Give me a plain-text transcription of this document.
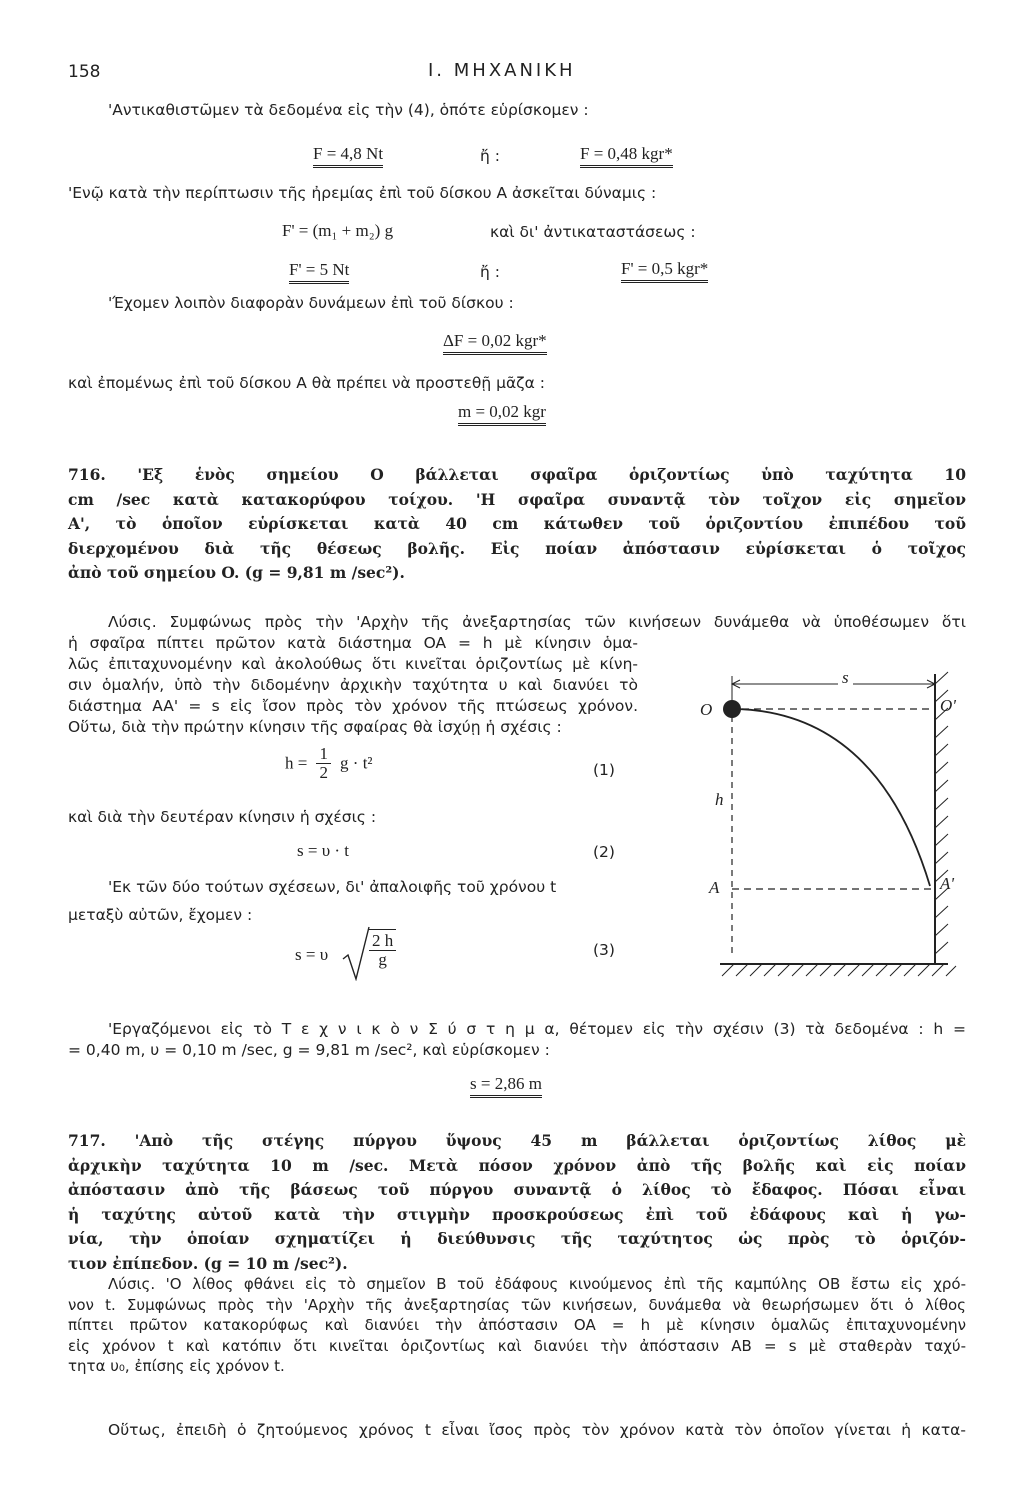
158	Ι. ΜΗΧΑΝΙΚΗ
'Αντικαθιστῶμεν τὰ δεδομένα εἰς τὴν (4), ὁπότε εὑρίσκομεν :
F = 4,8 Nt	ἤ :	F = 0,48 kgr*
'Ενῷ κατὰ τὴν περίπτωσιν τῆς ἠρεμίας ἐπὶ τοῦ δίσκου Α ἀσκεῖται δύναμις :
F' = (m₁ + m₂) g	καὶ δι' ἀντικαταστάσεως :
F' = 5 Nt	ἤ :	F' = 0,5 kgr*
'Έχομεν λοιπὸν διαφορὰν δυνάμεων ἐπὶ τοῦ δίσκου :
ΔF = 0,02 kgr*
καὶ ἐπομένως ἐπὶ τοῦ δίσκου Α θὰ πρέπει νὰ προστεθῇ μᾶζα :
m = 0,02 kgr
716. 'Εξ ἑνὸς σημείου O βάλλεται σφαῖρα ὁριζοντίως ὑπὸ ταχύτητα 10
cm /sec κατὰ κατακορύφου τοίχου. 'Η σφαῖρα συναντᾷ τὸν τοῖχον εἰς σημεῖον
A', τὸ ὁποῖον εὑρίσκεται κατὰ 40 cm κάτωθεν τοῦ ὁριζοντίου ἐπιπέδου τοῦ
διερχομένου διὰ τῆς θέσεως βολῆς. Εἰς ποίαν ἀπόστασιν εὑρίσκεται ὁ τοῖχος
ἀπὸ τοῦ σημείου O. (g = 9,81 m /sec²).
Λύσις. Συμφώνως πρὸς τὴν 'Αρχὴν τῆς ἀνεξαρτησίας τῶν κινήσεων δυνάμεθα νὰ ὑποθέσωμεν ὅτι
ἡ σφαῖρα πίπτει πρῶτον κατὰ διάστημα OA = h μὲ κίνησιν ὁμα-
λῶς ἐπιταχυνομένην καὶ ἀκολούθως ὅτι κινεῖται ὁριζοντίως μὲ κίνη-
σιν ὁμαλήν, ὑπὸ τὴν διδομένην ἀρχικὴν ταχύτητα υ καὶ διανύει τὸ
διάστημα AA' = s εἰς ἴσον πρὸς τὸν χρόνον τῆς πτώσεως χρόνον.
Οὕτω, διὰ τὴν πρώτην κίνησιν τῆς σφαίρας θὰ ἰσχύῃ ἡ σχέσις :
$h = \frac{1}{2}$ g · t²	(1)
καὶ διὰ τὴν δευτέραν κίνησιν ἡ σχέσις :
s = υ · t	(2)
'Εκ τῶν δύο τούτων σχέσεων, δι' ἀπαλοιφῆς τοῦ χρόνου t
μεταξὺ αὐτῶν, ἔχομεν :
s = υ $\frac{2 h}{g}$	(3)
O	O'
s
h
A	A'
'Εργαζόμενοι εἰς τὸ Τ ε χ ν ι κ ὸ ν Σ ύ σ τ η μ α, θέτομεν εἰς τὴν σχέσιν (3) τὰ δεδομένα : h =
= 0,40 m, υ = 0,10 m /sec, g = 9,81 m /sec², καὶ εὑρίσκομεν :
s = 2,86 m
717. 'Απὸ τῆς στέγης πύργου ὕψους 45 m βάλλεται ὁριζοντίως λίθος μὲ
ἀρχικὴν ταχύτητα 10 m /sec. Μετὰ πόσον χρόνον ἀπὸ τῆς βολῆς καὶ εἰς ποίαν
ἀπόστασιν ἀπὸ τῆς βάσεως τοῦ πύργου συναντᾷ ὁ λίθος τὸ ἔδαφος. Πόσαι εἶναι
ἡ ταχύτης αὐτοῦ κατὰ τὴν στιγμὴν προσκρούσεως ἐπὶ τοῦ ἐδάφους καὶ ἡ γω-
νία, τὴν ὁποίαν σχηματίζει ἡ διεύθυνσις τῆς ταχύτητος ὡς πρὸς τὸ ὁριζόν-
τιον ἐπίπεδον. (g = 10 m /sec²).
Λύσις. 'Ο λίθος φθάνει εἰς τὸ σημεῖον B τοῦ ἐδάφους κινούμενος ἐπὶ τῆς καμπύλης OB ἔστω εἰς χρό-
νον t. Συμφώνως πρὸς τὴν 'Αρχὴν τῆς ἀνεξαρτησίας τῶν κινήσεων, δυνάμεθα νὰ θεωρήσωμεν ὅτι ὁ λίθος
πίπτει πρῶτον κατακορύφως καὶ διανύει τὴν ἀπόστασιν OA = h μὲ κίνησιν ὁμαλῶς ἐπιταχυνομένην
εἰς χρόνον t καὶ κατόπιν ὅτι κινεῖται ὁριζοντίως καὶ διανύει τὴν ἀπόστασιν AB = s μὲ σταθερὰν ταχύ-
τητα υ₀, ἐπίσης εἰς χρόνον t.
Οὕτως, ἐπειδὴ ὁ ζητούμενος χρόνος t εἶναι ἴσος πρὸς τὸν χρόνον κατὰ τὸν ὁποῖον γίνεται ἡ κατα-
